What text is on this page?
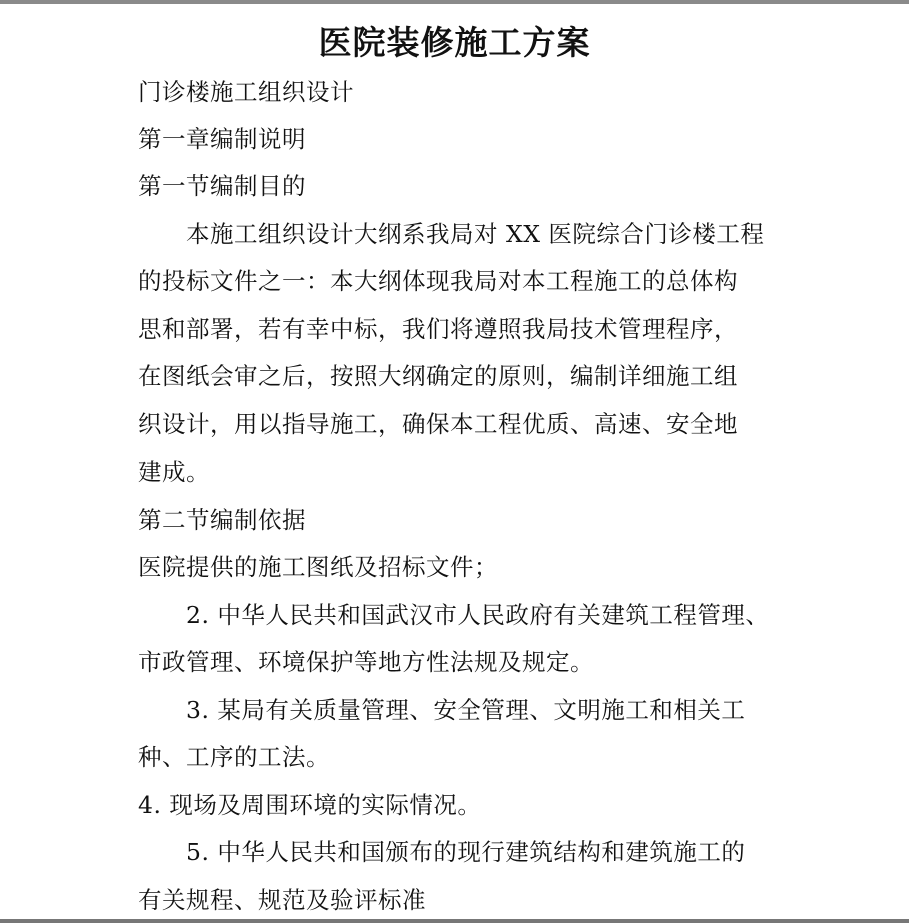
医院装修施工方案
门诊楼施工组织设计
第一章编制说明
第一节编制目的
本施工组织设计大纲系我局对 XX 医院综合门诊楼工程
的投标文件之一：本大纲体现我局对本工程施工的总体构
思和部署，若有幸中标，我们将遵照我局技术管理程序，
在图纸会审之后，按照大纲确定的原则，编制详细施工组
织设计，用以指导施工，确保本工程优质、高速、安全地
建成。
第二节编制依据
医院提供的施工图纸及招标文件；
2. 中华人民共和国武汉市人民政府有关建筑工程管理、
市政管理、环境保护等地方性法规及规定。
3. 某局有关质量管理、安全管理、文明施工和相关工
种、工序的工法。
4. 现场及周围环境的实际情况。
5. 中华人民共和国颁布的现行建筑结构和建筑施工的
有关规程、规范及验评标准
